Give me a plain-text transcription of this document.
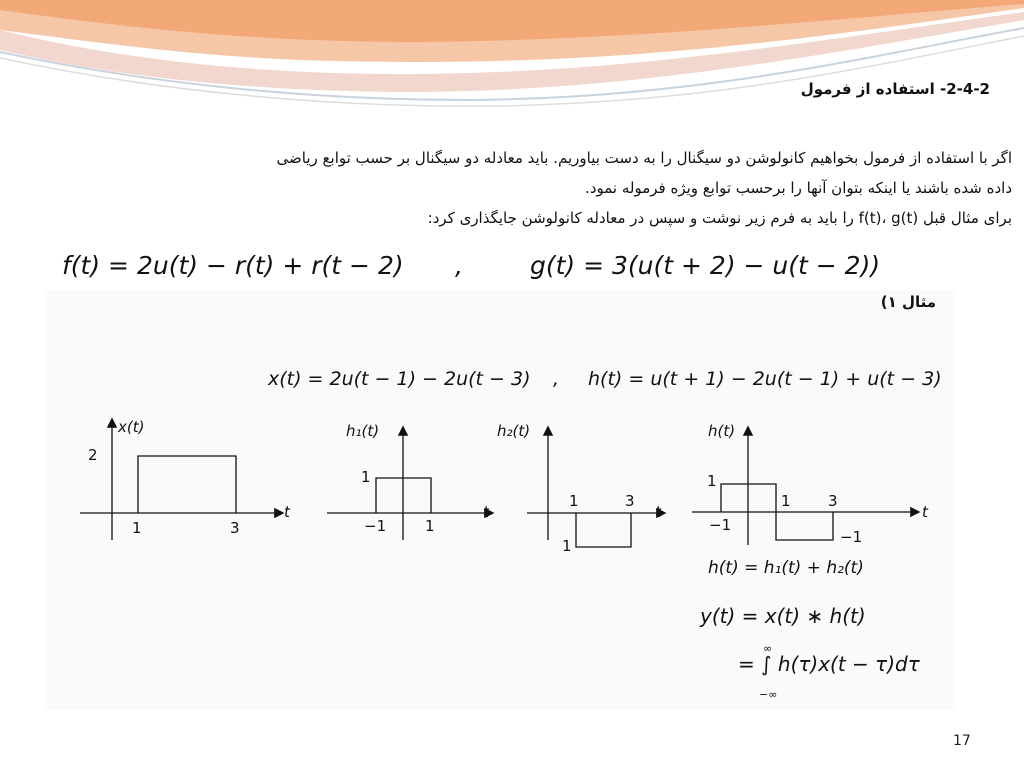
2-4-2- استفاده از فرمول
اگر با استفاده از فرمول بخواهیم کانولوشن دو سیگنال را به دست بیاوریم. باید معادله دو سیگنال بر حسب توابع ریاضی
داده شده باشند یا اینکه بتوان آنها را برحسب توابع ویژه فرموله نمود.
برای مثال قبل f(t)، g(t) را باید به فرم زیر نوشت و سپس در معادله کانولوشن جایگذاری کرد:
f(t) = 2u(t) − r(t) + r(t − 2) ,	g(t) = 3(u(t + 2) − u(t − 2))
مثال ۱)
x(t) = 2u(t − 1) − 2u(t − 3) , h(t) = u(t + 1) − 2u(t − 1) + u(t − 3)
x(t)
2
1	3
t
h₁(t)
1
−1	1
t
h₂(t)
1	3
1
t
h(t)
1
−1
1 3
−1
t
∞
−∞
h(t) = h₁(t) + h₂(t)
y(t) = x(t) ∗ h(t)
= ∫ h(τ)x(t − τ)dτ
17
